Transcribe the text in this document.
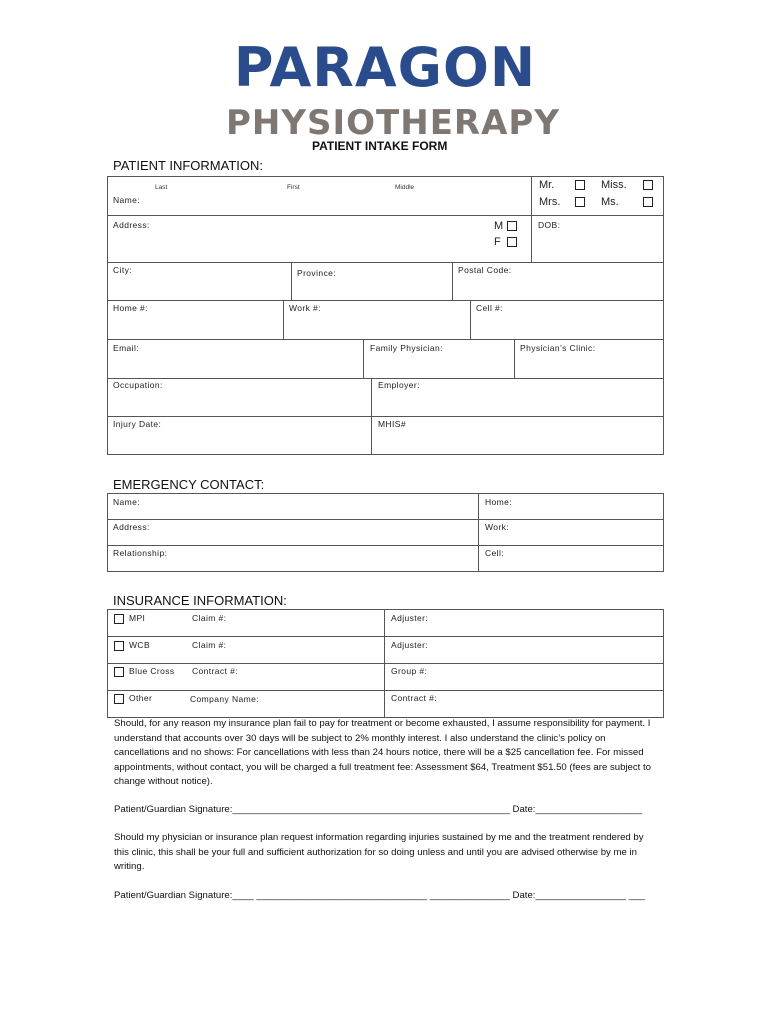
PARAGON
PHYSIOTHERAPY
PATIENT INTAKE FORM
PATIENT INFORMATION:
Last	First	Middle
Name:
Mr.	Miss.
Mrs.	Ms.
Address:	M
F
DOB:
City:	Province:	Postal Code:
Home #:	Work #:	Cell #:
Email:	Family Physician:	Physician’s Clinic:
Occupation:	Employer:
Injury Date:	MHIS#
EMERGENCY CONTACT:
Name:	Home:
Address:	Work:
Relationship:	Cell:
INSURANCE INFORMATION:
MPI	Claim #:	Adjuster:
WCB	Claim #:	Adjuster:
Blue Cross Contract #:	Group #:
Other	Company Name:	Contract #:
Should, for any reason my insurance plan fail to pay for treatment or become exhausted, I assume responsibility for payment. I understand that accounts over 30 days will be subject to 2% monthly interest. I also understand the clinic’s policy on cancellations and no shows: For cancellations with less than 24 hours notice, there will be a $25 cancellation fee. For missed appointments, without contact, you will be charged a full treatment fee: Assessment $64, Treatment $51.50 (fees are subject to change without notice).
Patient/Guardian Signature:____________________________________________________ Date:____________________
Should my physician or insurance plan request information regarding injuries sustained by me and the treatment rendered by this clinic, this shall be your full and sufficient authorization for so doing unless and until you are advised otherwise by me in writing.
Patient/Guardian Signature:____ ________________________________ _______________ Date:_________________ ___
